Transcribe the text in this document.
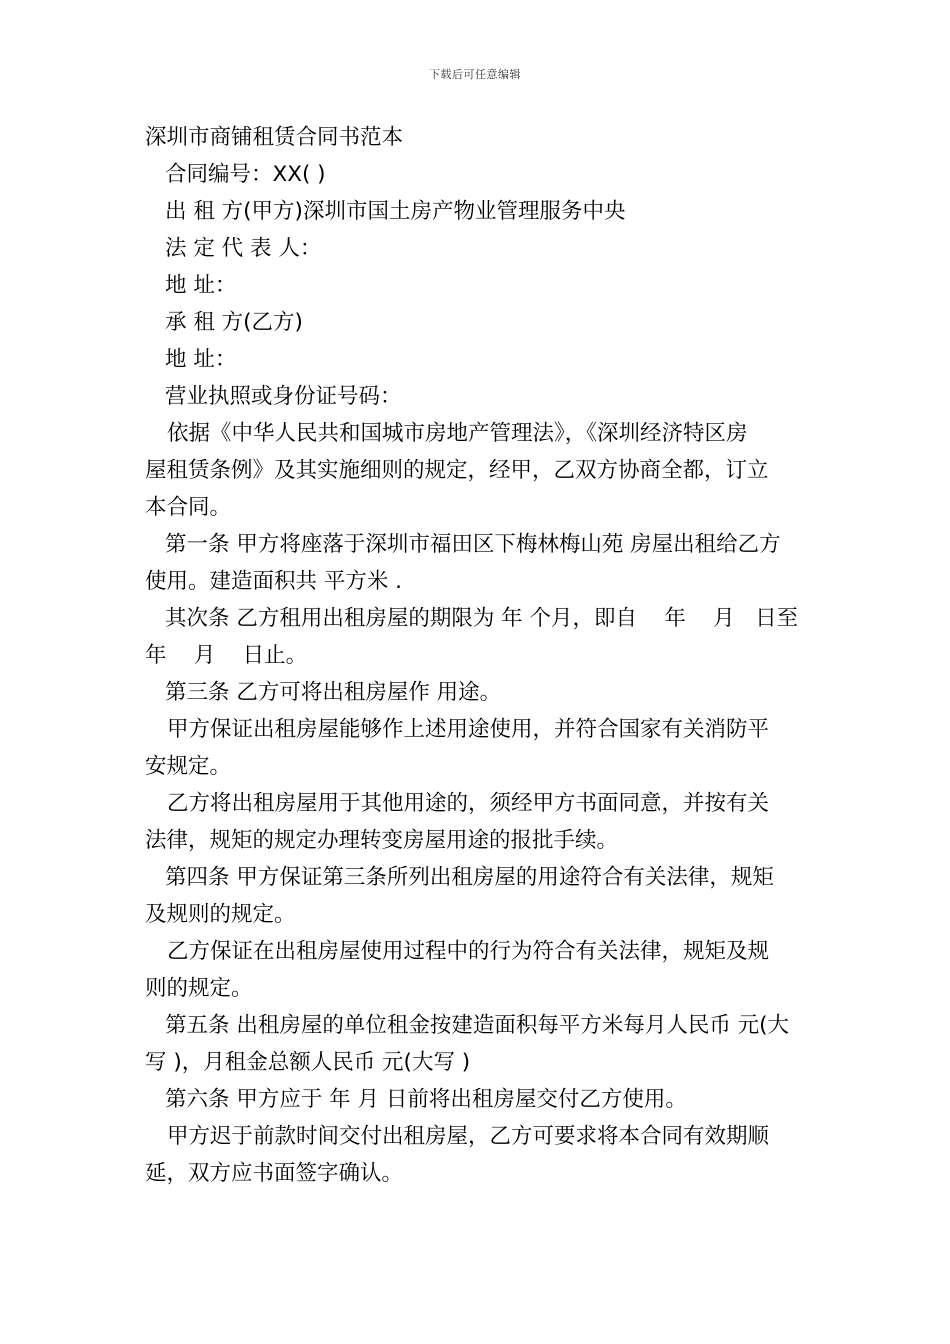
下载后可任意编辑
深圳市商铺租赁合同书范本
合同编号：XX( )
出 租 方(甲方)深圳市国土房产物业管理服务中央
法 定 代 表 人：
地 址：
承 租 方(乙方)
地 址：
营业执照或身份证号码：
依据《中华人民共和国城市房地产管理法》，《深圳经济特区房
屋租赁条例》及其实施细则的规定，经甲，乙双方协商全都，订立
本合同。
第一条 甲方将座落于深圳市福田区下梅林梅山苑 房屋出租给乙方
使用。建造面积共 平方米 .
其次条 乙方租用出租房屋的期限为 年 个月，即自    年    月   日至
年    月    日止。
第三条 乙方可将出租房屋作 用途。
甲方保证出租房屋能够作上述用途使用，并符合国家有关消防平
安规定。
乙方将出租房屋用于其他用途的，须经甲方书面同意，并按有关
法律，规矩的规定办理转变房屋用途的报批手续。
第四条 甲方保证第三条所列出租房屋的用途符合有关法律，规矩
及规则的规定。
乙方保证在出租房屋使用过程中的行为符合有关法律，规矩及规
则的规定。
第五条 出租房屋的单位租金按建造面积每平方米每月人民币 元(大
写 )，月租金总额人民币 元(大写 )
第六条 甲方应于 年 月 日前将出租房屋交付乙方使用。
甲方迟于前款时间交付出租房屋，乙方可要求将本合同有效期顺
延，双方应书面签字确认。
